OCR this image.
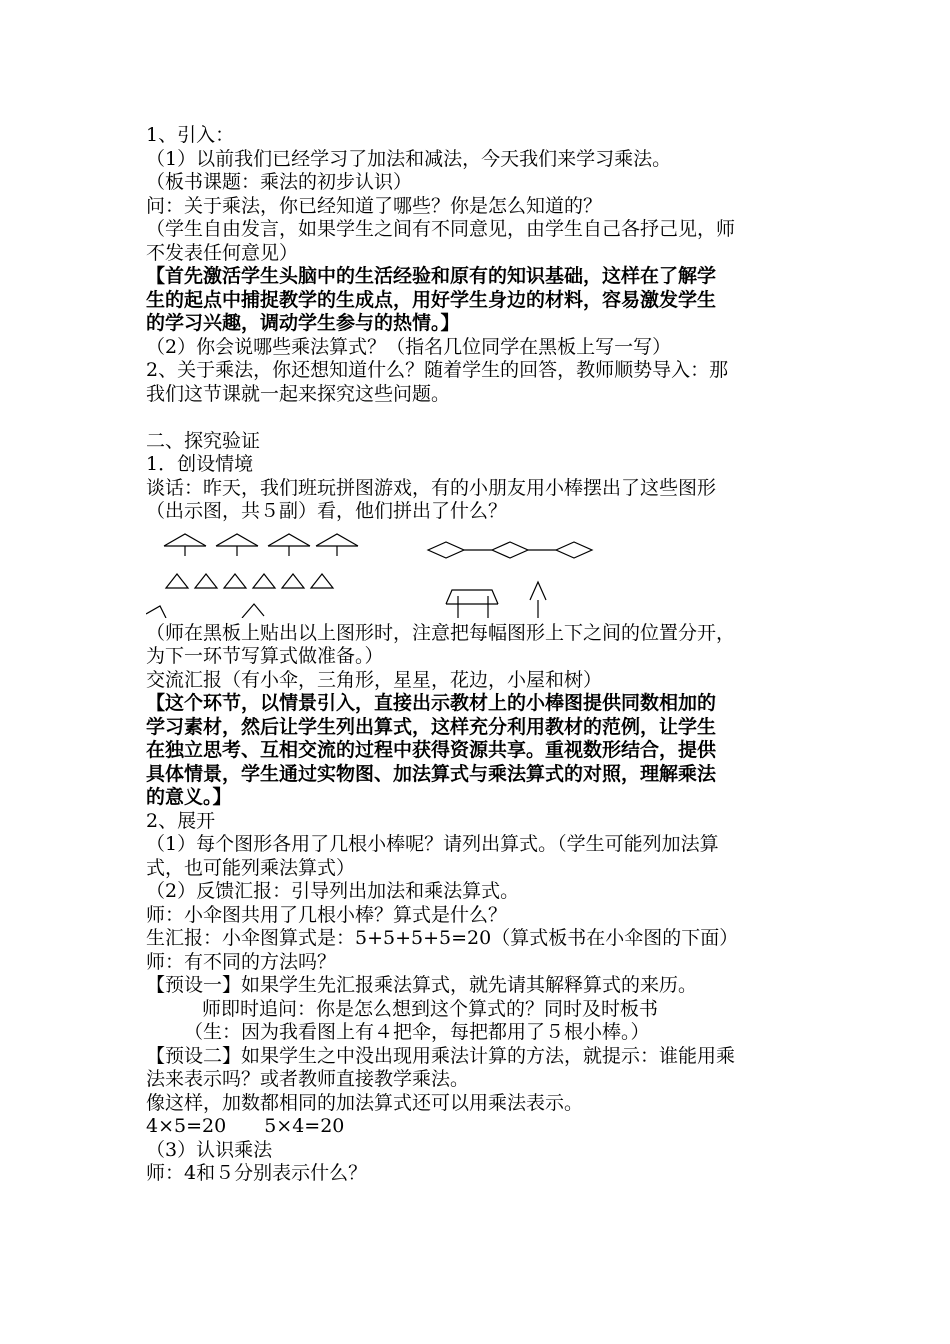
1、引入：
（1）以前我们已经学习了加法和减法，今天我们来学习乘法。
（板书课题：乘法的初步认识）
问：关于乘法，你已经知道了哪些？你是怎么知道的？
（学生自由发言，如果学生之间有不同意见，由学生自己各抒己见，师
不发表任何意见）
【首先激活学生头脑中的生活经验和原有的知识基础，这样在了解学
生的起点中捕捉教学的生成点，用好学生身边的材料，容易激发学生
的学习兴趣，调动学生参与的热情。】
（2）你会说哪些乘法算式？（指名几位同学在黑板上写一写）
2、关于乘法，你还想知道什么？随着学生的回答，教师顺势导入：那
我们这节课就一起来探究这些问题。
二、探究验证
1．创设情境
谈话：昨天，我们班玩拼图游戏，有的小朋友用小棒摆出了这些图形
（出示图，共５副）看，他们拼出了什么？
（师在黑板上贴出以上图形时，注意把每幅图形上下之间的位置分开，
为下一环节写算式做准备。）
交流汇报（有小伞，三角形，星星，花边，小屋和树）
【这个环节，以情景引入，直接出示教材上的小棒图提供同数相加的
学习素材，然后让学生列出算式，这样充分利用教材的范例，让学生
在独立思考、互相交流的过程中获得资源共享。重视数形结合，提供
具体情景，学生通过实物图、加法算式与乘法算式的对照，理解乘法
的意义。】
2、展开
（1）每个图形各用了几根小棒呢？请列出算式。（学生可能列加法算
式，也可能列乘法算式）
（2）反馈汇报：引导列出加法和乘法算式。
师：小伞图共用了几根小棒？算式是什么？
生汇报：小伞图算式是：5+5+5+5=20（算式板书在小伞图的下面）
师：有不同的方法吗？
【预设一】如果学生先汇报乘法算式，就先请其解释算式的来历。
师即时追问：你是怎么想到这个算式的？同时及时板书
（生：因为我看图上有４把伞，每把都用了５根小棒。）
【预设二】如果学生之中没出现用乘法计算的方法，就提示：谁能用乘
法来表示吗？或者教师直接教学乘法。
像这样，加数都相同的加法算式还可以用乘法表示。
4×5=20　　5×4=20
（3）认识乘法
师：4和５分别表示什么？
